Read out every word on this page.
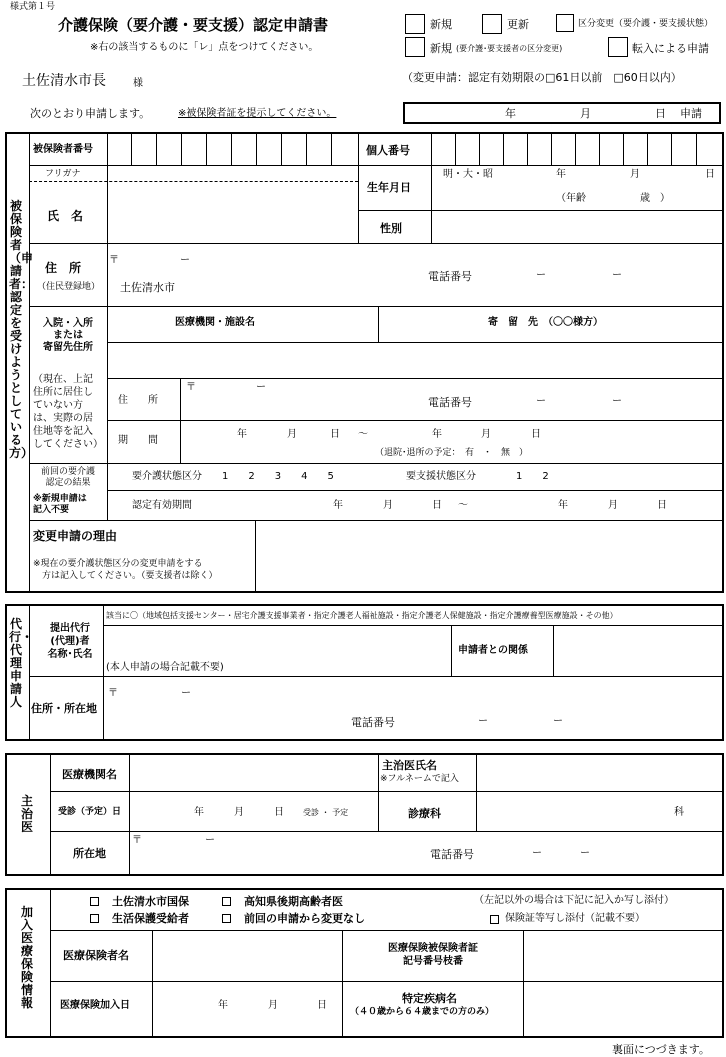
様式第１号
介護保険（要介護・要支援）認定申請書
※右の該当するものに「レ」点をつけてください。
新規	更新	区分変更（要介護・要支援状態）
新規 (要介護･要支援者の区分変更)	転入による申請
土佐清水市長	様	（変更申請：認定有効期限の□61日以前　□60日以内）
次のとおり申請します。	※被保険者証を提示してください。	年	月	日 申請
被保険者（申請者：認定を受けようとしている方）
被保険者番号	個人番号
フリガナ
氏　名
生年月日
明・大・昭	年	月	日
（年齢	歳　）
性別
住　所
（住民登録地）
〒	ー
土佐清水市
電話番号	ー	ー
入院・入所
または
寄留先住所
（現在、上記
住所に居住し
ていない方
は、実際の居
住地等を記入
してください）
医療機関・施設名	寄　留　先　（〇〇様方）
住　　所
〒	ー
電話番号	ー	ー
期　　間
年	月	日 〜	年	月	日
（退院･退所の予定：　有　・　無　）
前回の要介護
認定の結果
※新規申請は
記入不要
要介護状態区分　　1　　2　　3　　4　　5	要支援状態区分　　　　1　　2
認定有効期間	年	月	日 〜	年	月	日
変更申請の理由
※現在の要介護状態区分の変更申請をする
　方は記入してください。（要支援者は除く）
代行・代理申請人
該当に〇（地域包括支援センター・居宅介護支援事業者・指定介護老人福祉施設・指定介護老人保健施設・指定介護療養型医療施設・その他）
提出代行
(代理)者
名称･氏名
(本人申請の場合記載不要)
申請者との関係
住所・所在地
〒	ー
電話番号	ー	ー
主治医
医療機関名
主治医氏名
※フルネームで記入
受診（予定）日	年　　　月　　　日 受診 ・ 予定	診療科	科
所在地
〒	ー
電話番号	ー	ー
加入医療保険情報
土佐清水市国保	高知県後期高齢者医
生活保護受給者	前回の申請から変更なし
（左記以外の場合は下記に記入か写し添付）
保険証等写し添付（記載不要）
医療保険者名
医療保険被保険者証
記号番号枝番
医療保険加入日	年	月	日
特定疾病名
（４０歳から６４歳までの方のみ）
裏面につづきます。
